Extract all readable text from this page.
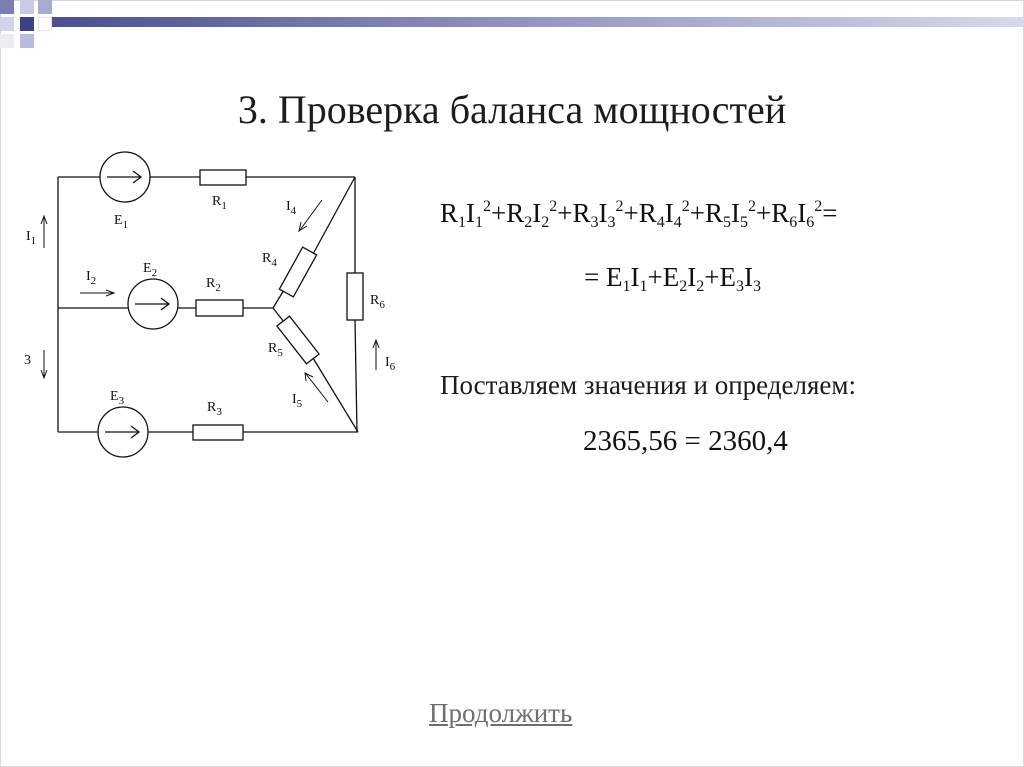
3. Проверка баланса мощностей
$E_1$
$E_2$
$E_3$
$R_1$
$R_2$
$R_3$
$R_4$
$R_5$
$R_6$
$I_1$
$I_2$
3
$I_4$
$I_5$
$I_6$
$R_1I_1^2+R_2I_2^2+R_3I_3^2+R_4I_4^2+R_5I_5^2+R_6I_6^2=$
= $E_1I_1+E_2I_2+E_3I_3$
Поставляем значения и определяем:
2365,56 = 2360,4
Продолжить
